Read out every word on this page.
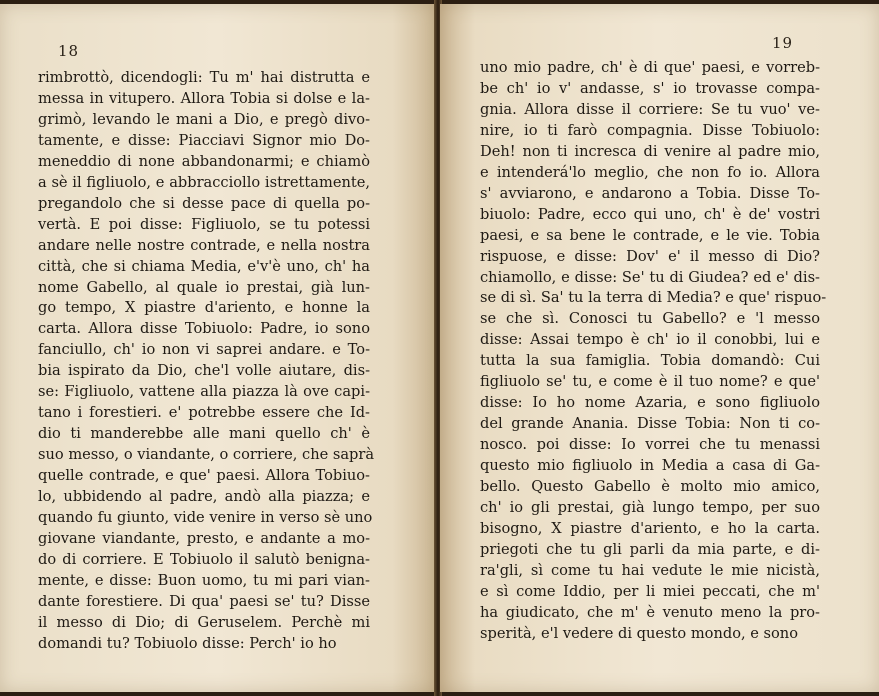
18
rimbrottò, dicendogli: Tu m' hai distrutta e
messa in vitupero. Allora Tobia si dolse e la-
grimò, levando le mani a Dio, e pregò divo-
tamente, e disse: Piacciavi Signor mio Do-
meneddio di none abbandonarmi; e chiamò
a sè il figliuolo, e abbracciollo istrettamente,
pregandolo che si desse pace di quella po-
vertà. E poi disse: Figliuolo, se tu potessi
andare nelle nostre contrade, e nella nostra
città, che si chiama Media, e'v'è uno, ch' ha
nome Gabello, al quale io prestai, già lun-
go tempo, X piastre d'ariento, e honne la
carta. Allora disse Tobiuolo: Padre, io sono
fanciullo, ch' io non vi saprei andare. e To-
bia ispirato da Dio, che'l volle aiutare, dis-
se: Figliuolo, vattene alla piazza là ove capi-
tano i forestieri. e' potrebbe essere che Id-
dio ti manderebbe alle mani quello ch' è
suo messo, o viandante, o corriere, che saprà
quelle contrade, e que' paesi. Allora Tobiuo-
lo, ubbidendo al padre, andò alla piazza; e
quando fu giunto, vide venire in verso sè uno
giovane viandante, presto, e andante a mo-
do di corriere. E Tobiuolo il salutò benigna-
mente, e disse: Buon uomo, tu mi pari vian-
dante forestiere. Di qua' paesi se' tu? Disse
il messo di Dio; di Geruselem. Perchè mi
domandi tu? Tobiuolo disse: Perch' io ho
19
uno mio padre, ch' è di que' paesi, e vorreb-
be ch' io v' andasse, s' io trovasse compa-
gnia. Allora disse il corriere: Se tu vuo' ve-
nire, io ti farò compagnia. Disse Tobiuolo:
Deh! non ti incresca di venire al padre mio,
e intenderá'lo meglio, che non fo io. Allora
s' avviarono, e andarono a Tobia. Disse To-
biuolo: Padre, ecco qui uno, ch' è de' vostri
paesi, e sa bene le contrade, e le vie. Tobia
rispuose, e disse: Dov' e' il messo di Dio?
chiamollo, e disse: Se' tu di Giudea? ed e' dis-
se di sì. Sa' tu la terra di Media? e que' rispuo-
se che sì. Conosci tu Gabello? e 'l messo
disse: Assai tempo è ch' io il conobbi, lui e
tutta la sua famiglia. Tobia domandò: Cui
figliuolo se' tu, e come è il tuo nome? e que'
disse: Io ho nome Azaria, e sono figliuolo
del grande Anania. Disse Tobia: Non ti co-
nosco. poi disse: Io vorrei che tu menassi
questo mio figliuolo in Media a casa di Ga-
bello. Questo Gabello è molto mio amico,
ch' io gli prestai, già lungo tempo, per suo
bisogno, X piastre d'ariento, e ho la carta.
priegoti che tu gli parli da mia parte, e di-
ra'gli, sì come tu hai vedute le mie nicistà,
e sì come Iddio, per li miei peccati, che m'
ha giudicato, che m' è venuto meno la pro-
sperità, e'l vedere di questo mondo, e sono
